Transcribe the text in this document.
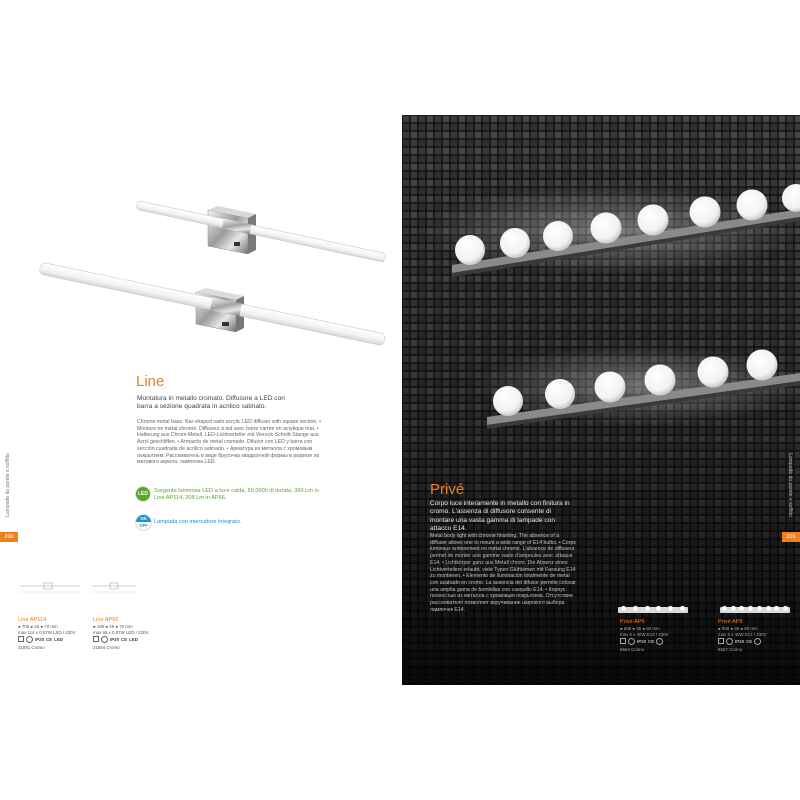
Line
Montatura in metallo cromato. Diffusore a LED con barra a sezione quadrata in acrilico satinato.
Chrome metal base. Bar-shaped satin acrylic LED diffuser with square section. • Monture en métal chromé. Diffuseur à led avec barre carrée en acrylique mat. • Halterung aus Chrom-Metall. LED-Lichtverteiler mit Viereck-Schnitt-Stange aus Acryl geschliffen. • Armazón de metal cromado. Difusor con LED y barra con sección cuadrada de acrílico satinado. • Арматура из металла с хромовым покрытием. Рассеиватель в виде брусочка квадратной формы в разрезе из матового акрила, лампочка LED.
LED	Sorgente luminosa LED a luce calda, 50.000h di durata, 360 Lm in Line AP114, 208 Lm in AP66.
ON
OFF
Lampada con interruttore integrato.
Lampade da parete e soffitto
200
Line AP114
● 705 ● 45 ● 70 mm
max 114 x 0,07W LED / 230V
IP20 CE LED
31891 Cromo
Line AP66
● 180 ● 45 ● 70 mm
max 66 x 0,07W LED / 230V
IP20 CE LED
31884 Cromo
Privé
Corpo luce interamente in metallo con finitura in cromo. L'assenza di diffusore consente di montare una vasta gamma di lampade con attacco E14.
Metal body light with chrome finishing. The absence of a diffuser allows one to mount a wide range of E14 bulbs. • Corps lumineux entièrement en métal chromé. L'absence de diffuseur permet de monter une gamme vaste d'ampoules avec attaque E14. • Lichtkörper ganz aus Metall chrom. Die Absenz eines Lichtverteilers erlaubt, viele Typen Glühbirnen mit Fassung E14 zu montieren. • Elemento de iluminación totalmente de metal con acabado en cromo. La ausencia del difusor permite colocar una amplia gama de bombillas con casquillo E14. • Корпус полностью из металла с хромовым покрытием. Отсутствие рассеивателя позволяет вкручивание широкого выбора лампочек E14.
Lampade da parete e soffitto
201
Privé AP6
● 600 ● 35 ● 80 mm
max 6 x 40W E14 / 230V
IP20 CE
6664 Cromo
Privé AP8
● 800 ● 35 ● 80 mm
max 8 x 40W E14 / 230V
IP20 CE
6657 Cromo
